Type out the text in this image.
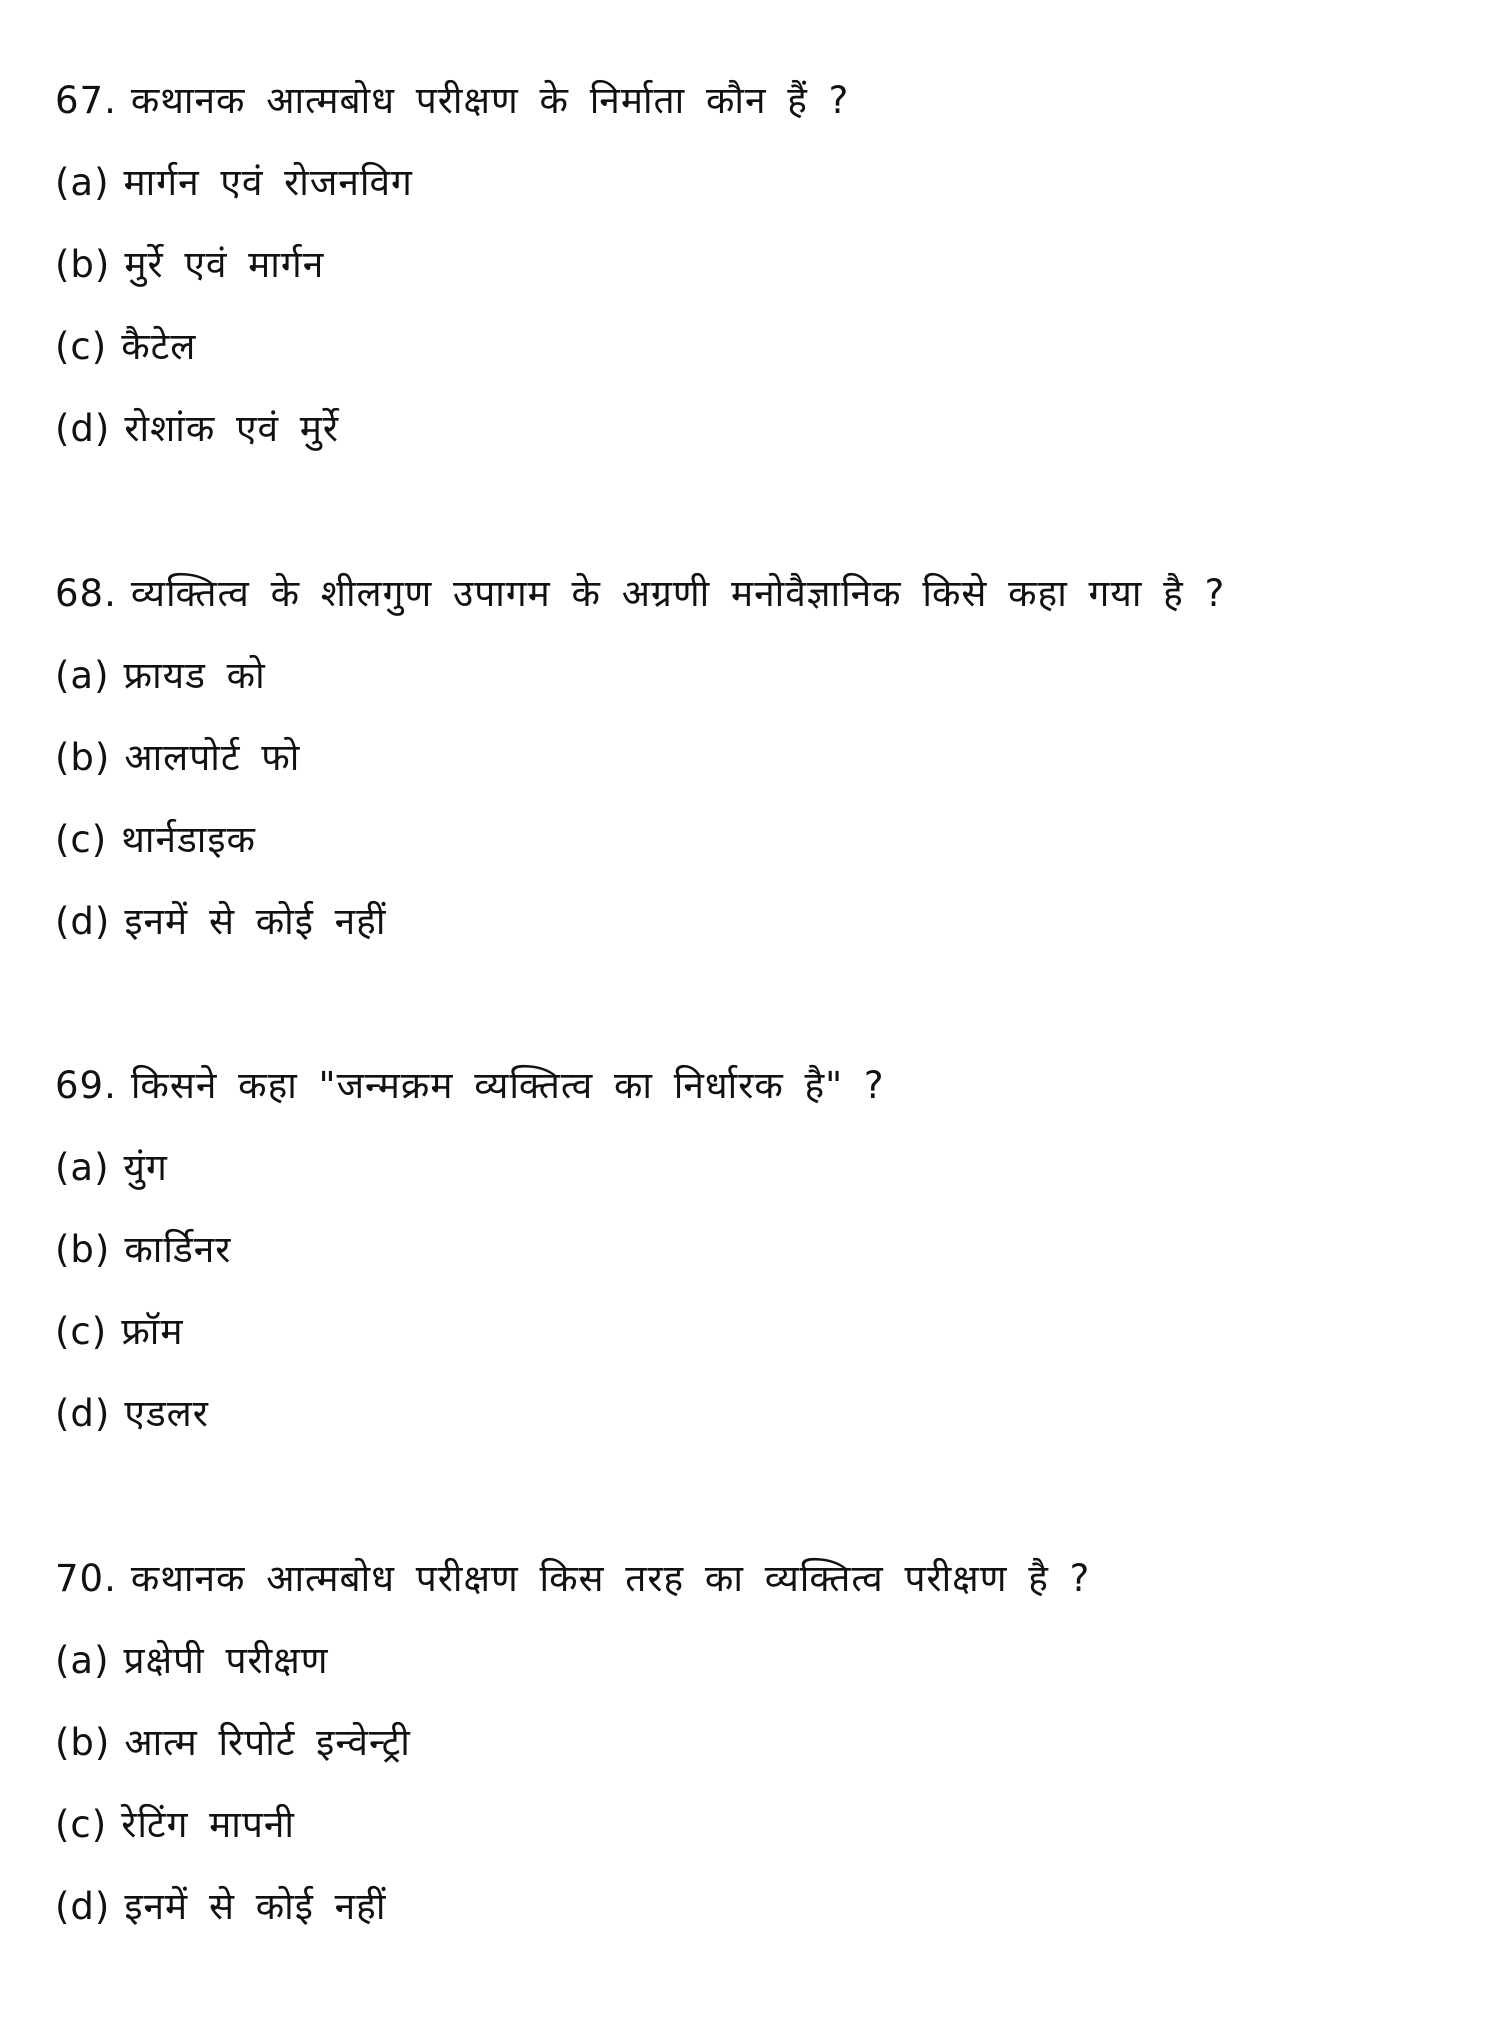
67. कथानक आत्मबोध परीक्षण के निर्माता कौन हैं ?
(a) मार्गन एवं रोजनविग
(b) मुर्रे एवं मार्गन
(c) कैटेल
(d) रोशांक एवं मुर्रे
68. व्यक्तित्व के शीलगुण उपागम के अग्रणी मनोवैज्ञानिक किसे कहा गया है ?
(a) फ्रायड को
(b) आलपोर्ट फो
(c) थार्नडाइक
(d) इनमें से कोई नहीं
69. किसने कहा "जन्मक्रम व्यक्तित्व का निर्धारक है" ?
(a) युंग
(b) कार्डिनर
(c) फ्रॉम
(d) एडलर
70. कथानक आत्मबोध परीक्षण किस तरह का व्यक्तित्व परीक्षण है ?
(a) प्रक्षेपी परीक्षण
(b) आत्म रिपोर्ट इन्वेन्ट्री
(c) रेटिंग मापनी
(d) इनमें से कोई नहीं
